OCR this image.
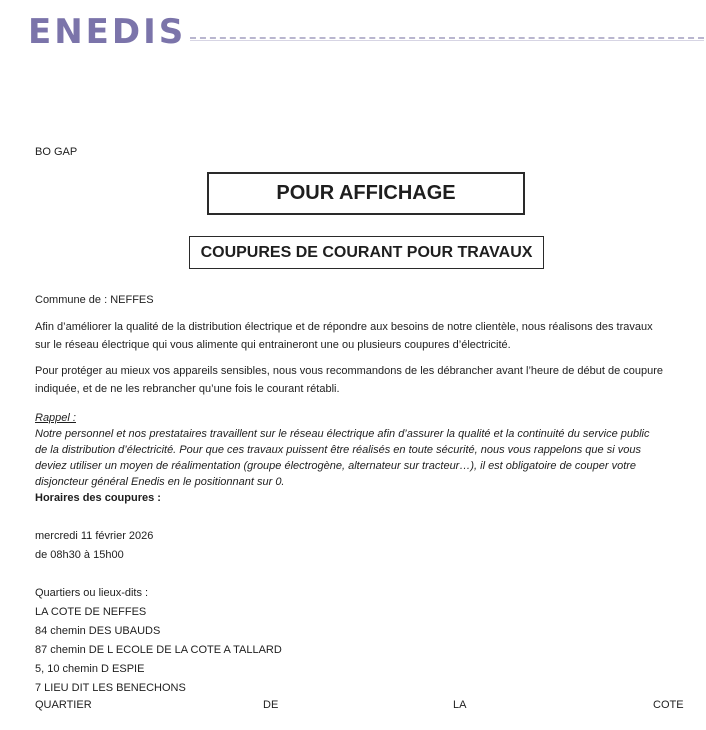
ENEDIS
BO GAP
POUR AFFICHAGE
COUPURES DE COURANT POUR TRAVAUX
Commune de : NEFFES
Afin d’améliorer la qualité de la distribution électrique et de répondre aux besoins de notre clientèle, nous réalisons des travaux
sur le réseau électrique qui vous alimente qui entraineront une ou plusieurs coupures d’électricité.
Pour protéger au mieux vos appareils sensibles, nous vous recommandons de les débrancher avant l’heure de début de coupure
indiquée, et de ne les rebrancher qu’une fois le courant rétabli.
Rappel :
Notre personnel et nos prestataires travaillent sur le réseau électrique afin d’assurer la qualité et la continuité du service public
de la distribution d’électricité. Pour que ces travaux puissent être réalisés en toute sécurité, nous vous rappelons que si vous
deviez utiliser un moyen de réalimentation (groupe électrogène, alternateur sur tracteur…), il est obligatoire de couper votre
disjoncteur général Enedis en le positionnant sur 0.
Horaires des coupures :
mercredi 11 février 2026
de 08h30 à 15h00
Quartiers ou lieux-dits :
LA COTE DE NEFFES
84 chemin DES UBAUDS
87 chemin DE L ECOLE DE LA COTE A TALLARD
5, 10 chemin D ESPIE
7 LIEU DIT LES BENECHONS
QUARTIER	DE	LA	COTE
